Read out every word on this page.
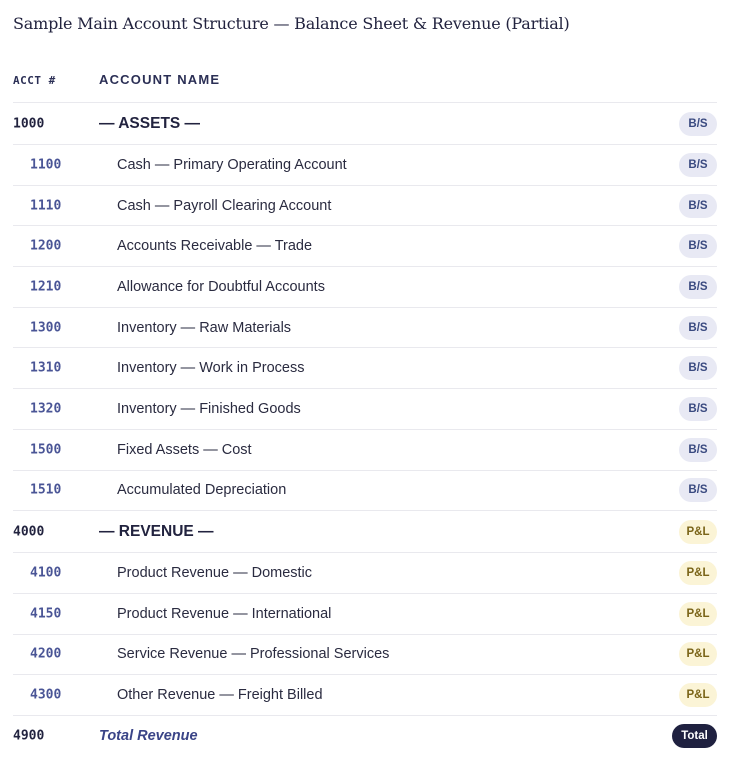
Sample Main Account Structure — Balance Sheet & Revenue (Partial)
ACCT #	ACCOUNT NAME
1000	— ASSETS —	B/S
1100	Cash — Primary Operating Account	B/S
1110	Cash — Payroll Clearing Account	B/S
1200	Accounts Receivable — Trade	B/S
1210	Allowance for Doubtful Accounts	B/S
1300	Inventory — Raw Materials	B/S
1310	Inventory — Work in Process	B/S
1320	Inventory — Finished Goods	B/S
1500	Fixed Assets — Cost	B/S
1510	Accumulated Depreciation	B/S
4000	— REVENUE —	P&L
4100	Product Revenue — Domestic	P&L
4150	Product Revenue — International	P&L
4200	Service Revenue — Professional Services	P&L
4300	Other Revenue — Freight Billed	P&L
4900	Total Revenue	Total
